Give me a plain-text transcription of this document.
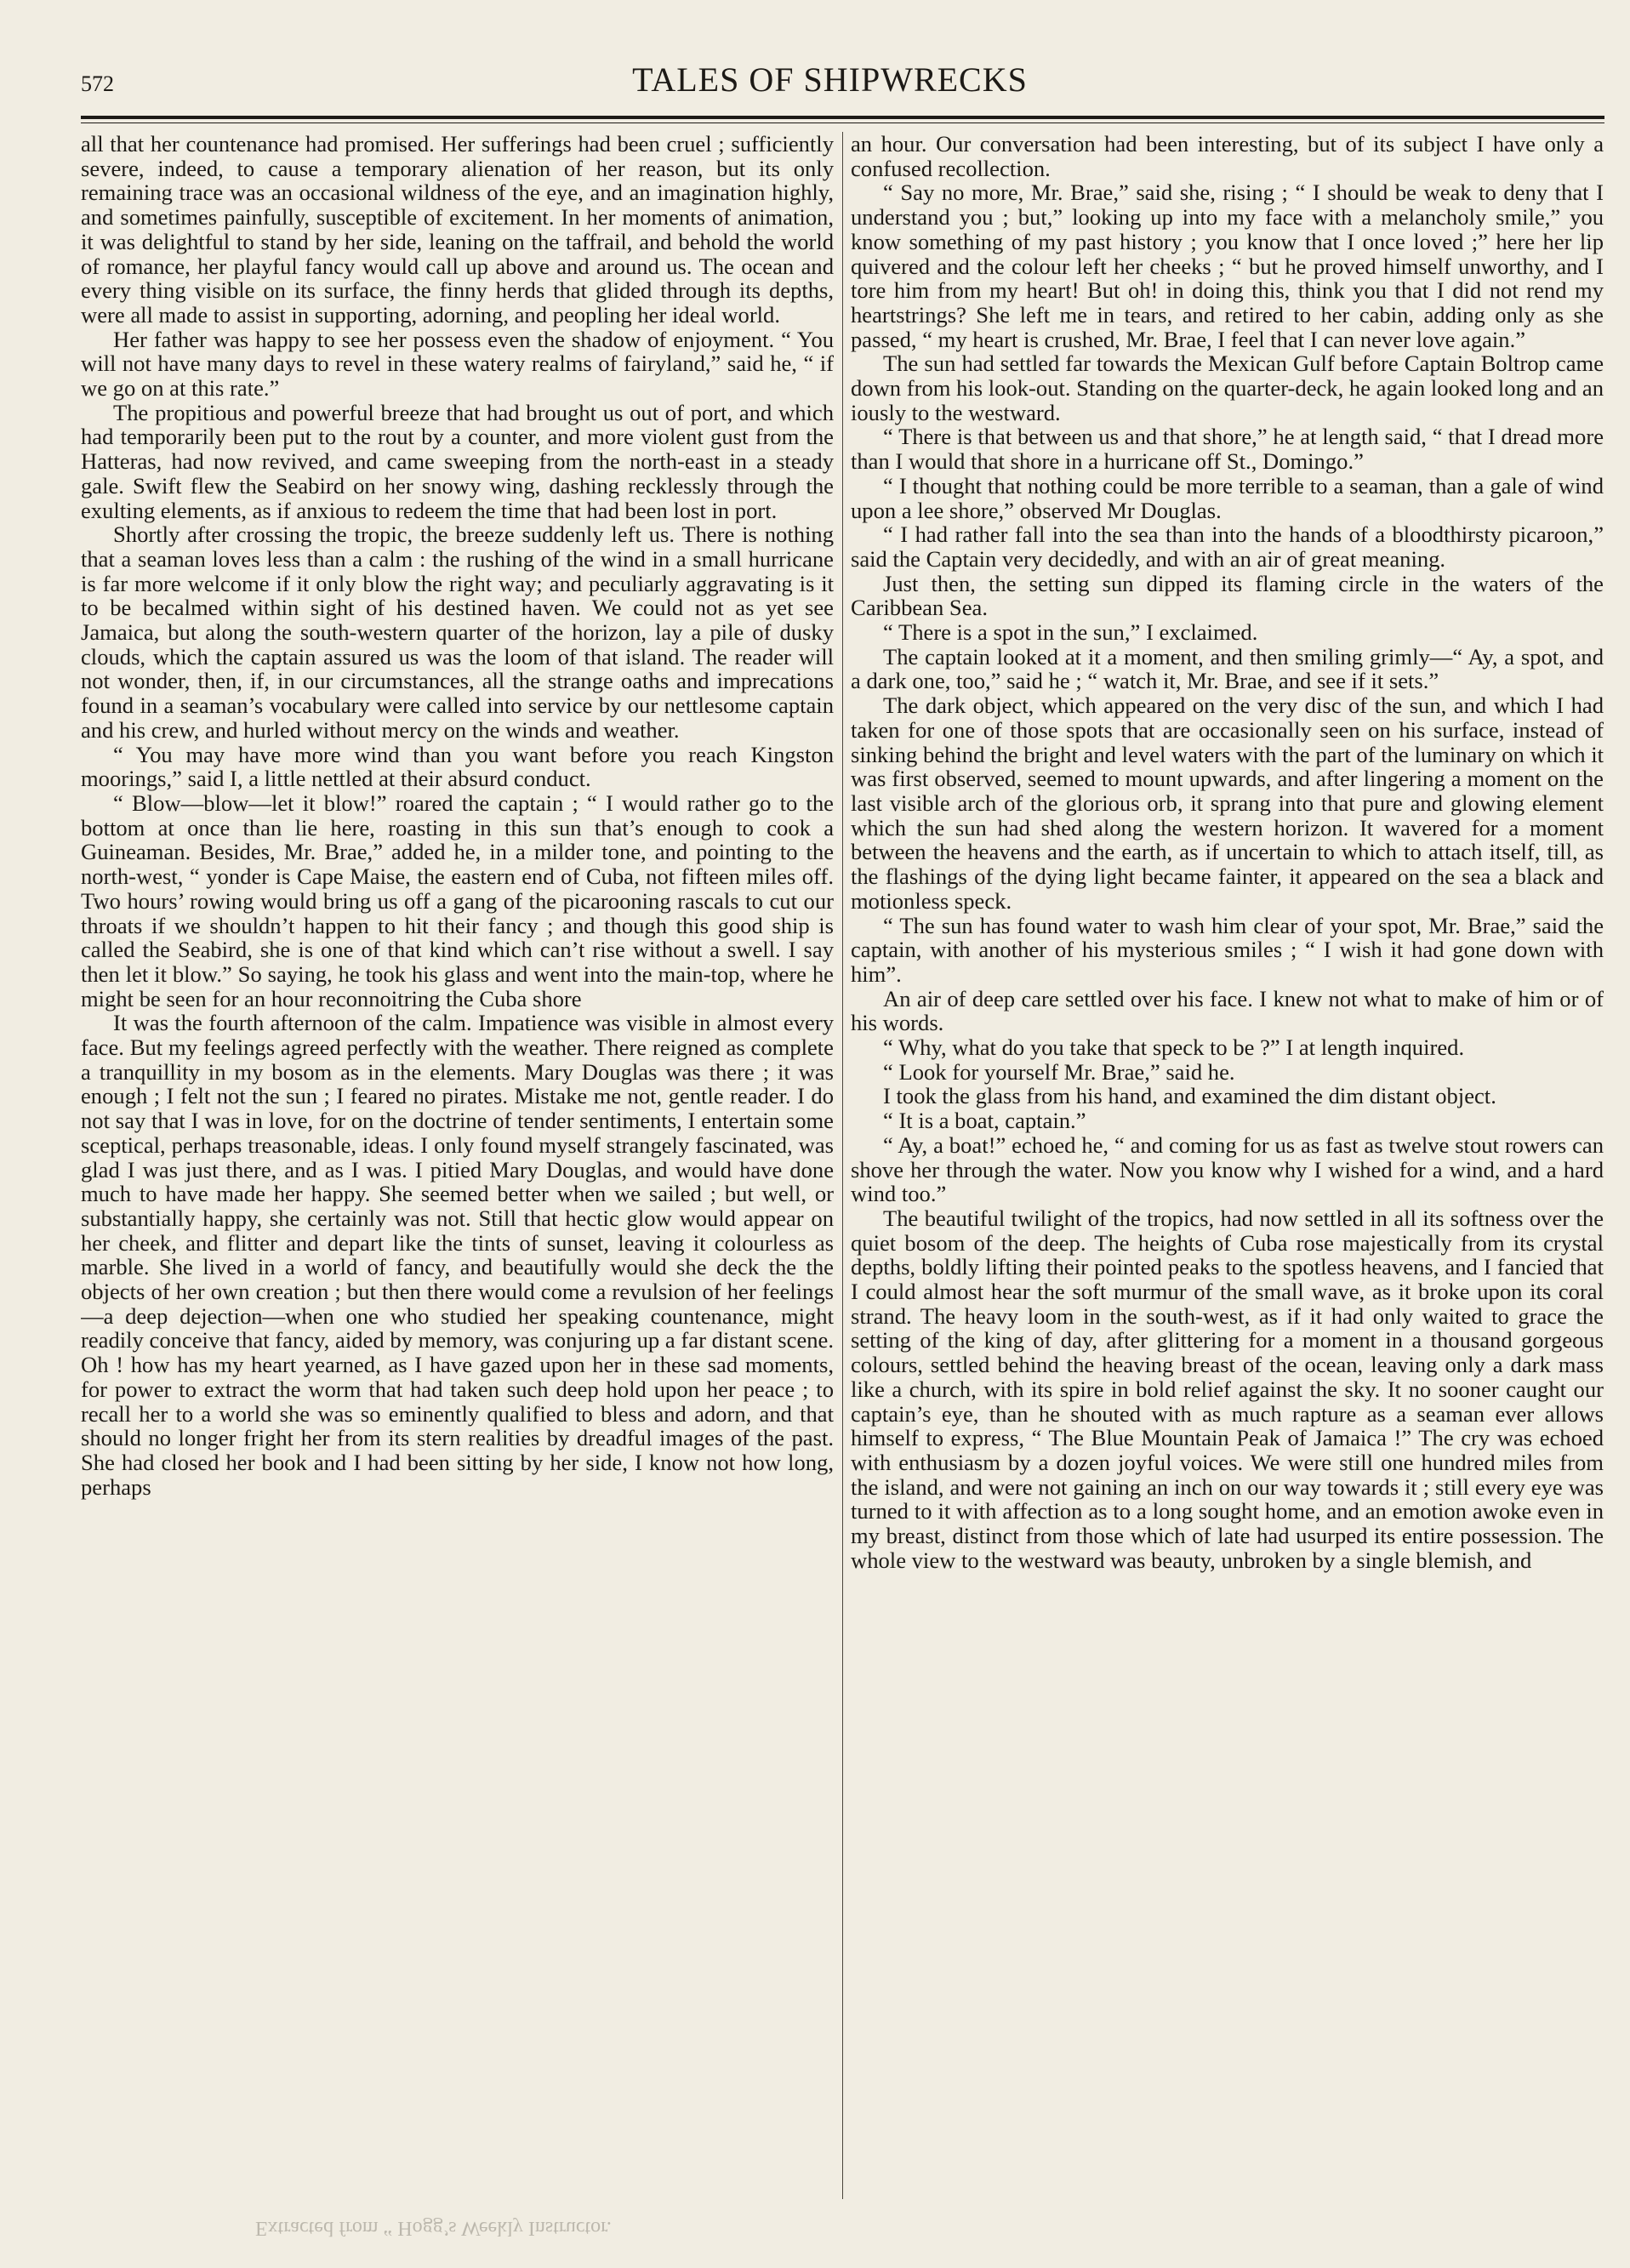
572	TALES OF SHIPWRECKS

all that her countenance had promised. Her sufferings had been cruel ; sufficiently severe, indeed, to cause a temporary alienation of her reason, but its only remaining trace was an occasional wildness of the eye, and an imagination highly, and sometimes painfully, susceptible of excitement. In her moments of animation, it was delightful to stand by her side, leaning on the taffrail, and behold the world of romance, her playful fancy would call up above and around us. The ocean and every thing visible on its surface, the finny herds that glided through its depths, were all made to assist in supporting, adorning, and peopling her ideal world.

Her father was happy to see her possess even the shadow of enjoyment. “ You will not have many days to revel in these watery realms of fairyland,” said he, “ if we go on at this rate.”

The propitious and powerful breeze that had brought us out of port, and which had temporarily been put to the rout by a counter, and more violent gust from the Hatteras, had now revived, and came sweeping from the north-east in a steady gale. Swift flew the Seabird on her snowy wing, dashing recklessly through the exulting elements, as if anxious to redeem the time that had been lost in port.

Shortly after crossing the tropic, the breeze suddenly left us. There is nothing that a seaman loves less than a calm : the rushing of the wind in a small hurricane is far more welcome if it only blow the right way; and peculiarly aggravating is it to be becalmed within sight of his destined haven. We could not as yet see Jamaica, but along the south-western quarter of the horizon, lay a pile of dusky clouds, which the captain assured us was the loom of that island. The reader will not wonder, then, if, in our circumstances, all the strange oaths and imprecations found in a seaman’s vocabulary were called into service by our nettlesome captain and his crew, and hurled without mercy on the winds and weather.

“ You may have more wind than you want before you reach Kingston moorings,” said I, a little nettled at their absurd conduct.

“ Blow—blow—let it blow!” roared the captain ; “ I would rather go to the bottom at once than lie here, roasting in this sun that’s enough to cook a Guineaman. Besides, Mr. Brae,” added he, in a milder tone, and pointing to the north-west, “ yonder is Cape Maise, the eastern end of Cuba, not fifteen miles off. Two hours’ rowing would bring us off a gang of the picarooning rascals to cut our throats if we shouldn’t happen to hit their fancy ; and though this good ship is called the Seabird, she is one of that kind which can’t rise without a swell. I say then let it blow.” So saying, he took his glass and went into the main-top, where he might be seen for an hour reconnoitring the Cuba shore

It was the fourth afternoon of the calm. Impatience was visible in almost every face. But my feelings agreed perfectly with the weather. There reigned as complete a tranquillity in my bosom as in the elements. Mary Douglas was there ; it was enough ; I felt not the sun ; I feared no pirates. Mistake me not, gentle reader. I do not say that I was in love, for on the doctrine of tender sentiments, I entertain some sceptical, perhaps treasonable, ideas. I only found myself strangely fascinated, was glad I was just there, and as I was. I pitied Mary Douglas, and would have done much to have made her happy. She seemed better when we sailed ; but well, or substantially happy, she certainly was not. Still that hectic glow would appear on her cheek, and flitter and depart like the tints of sunset, leaving it colourless as marble. She lived in a world of fancy, and beautifully would she deck the the objects of her own creation ; but then there would come a revulsion of her feelings—a deep dejection—when one who studied her speaking countenance, might readily conceive that fancy, aided by memory, was conjuring up a far distant scene. Oh ! how has my heart yearned, as I have gazed upon her in these sad moments, for power to extract the worm that had taken such deep hold upon her peace ; to recall her to a world she was so eminently qualified to bless and adorn, and that should no longer fright her from its stern realities by dreadful images of the past. She had closed her book and I had been sitting by her side, I know not how long, perhaps

an hour. Our conversation had been interesting, but of its subject I have only a confused recollection.

“ Say no more, Mr. Brae,” said she, rising ; “ I should be weak to deny that I understand you ; but,” looking up into my face with a melancholy smile,” you know something of my past history ; you know that I once loved ;” here her lip quivered and the colour left her cheeks ; “ but he proved himself unworthy, and I tore him from my heart! But oh! in doing this, think you that I did not rend my heartstrings? She left me in tears, and retired to her cabin, adding only as she passed, “ my heart is crushed, Mr. Brae, I feel that I can never love again.”

The sun had settled far towards the Mexican Gulf before Captain Boltrop came down from his look-out. Standing on the quarter-deck, he again looked long and an iously to the westward.

“ There is that between us and that shore,” he at length said, “ that I dread more than I would that shore in a hurricane off St., Domingo.”

“ I thought that nothing could be more terrible to a seaman, than a gale of wind upon a lee shore,” observed Mr Douglas.

“ I had rather fall into the sea than into the hands of a bloodthirsty picaroon,” said the Captain very decidedly, and with an air of great meaning.

Just then, the setting sun dipped its flaming circle in the waters of the Caribbean Sea.

“ There is a spot in the sun,” I exclaimed.

The captain looked at it a moment, and then smiling grimly—“ Ay, a spot, and a dark one, too,” said he ; “ watch it, Mr. Brae, and see if it sets.”

The dark object, which appeared on the very disc of the sun, and which I had taken for one of those spots that are occasionally seen on his surface, instead of sinking behind the bright and level waters with the part of the luminary on which it was first observed, seemed to mount upwards, and after lingering a moment on the last visible arch of the glorious orb, it sprang into that pure and glowing element which the sun had shed along the western horizon. It wavered for a moment between the heavens and the earth, as if uncertain to which to attach itself, till, as the flashings of the dying light became fainter, it appeared on the sea a black and motionless speck.

“ The sun has found water to wash him clear of your spot, Mr. Brae,” said the captain, with another of his mysterious smiles ; “ I wish it had gone down with him”.

An air of deep care settled over his face. I knew not what to make of him or of his words.

“ Why, what do you take that speck to be ?” I at length inquired.

“ Look for yourself Mr. Brae,” said he.

I took the glass from his hand, and examined the dim distant object.

“ It is a boat, captain.”

“ Ay, a boat!” echoed he, “ and coming for us as fast as twelve stout rowers can shove her through the water. Now you know why I wished for a wind, and a hard wind too.”

The beautiful twilight of the tropics, had now settled in all its softness over the quiet bosom of the deep. The heights of Cuba rose majestically from its crystal depths, boldly lifting their pointed peaks to the spotless heavens, and I fancied that I could almost hear the soft murmur of the small wave, as it broke upon its coral strand. The heavy loom in the south-west, as if it had only waited to grace the setting of the king of day, after glittering for a moment in a thousand gorgeous colours, settled behind the heaving breast of the ocean, leaving only a dark mass like a church, with its spire in bold relief against the sky. It no sooner caught our captain’s eye, than he shouted with as much rapture as a seaman ever allows himself to express, “ The Blue Mountain Peak of Jamaica !” The cry was echoed with enthusiasm by a dozen joyful voices. We were still one hundred miles from the island, and were not gaining an inch on our way towards it ; still every eye was turned to it with affection as to a long sought home, and an emotion awoke even in my breast, distinct from those which of late had usurped its entire possession. The whole view to the westward was beauty, unbroken by a single blemish, and

Extracted from “ Hogg’s Weekly Instructor.
